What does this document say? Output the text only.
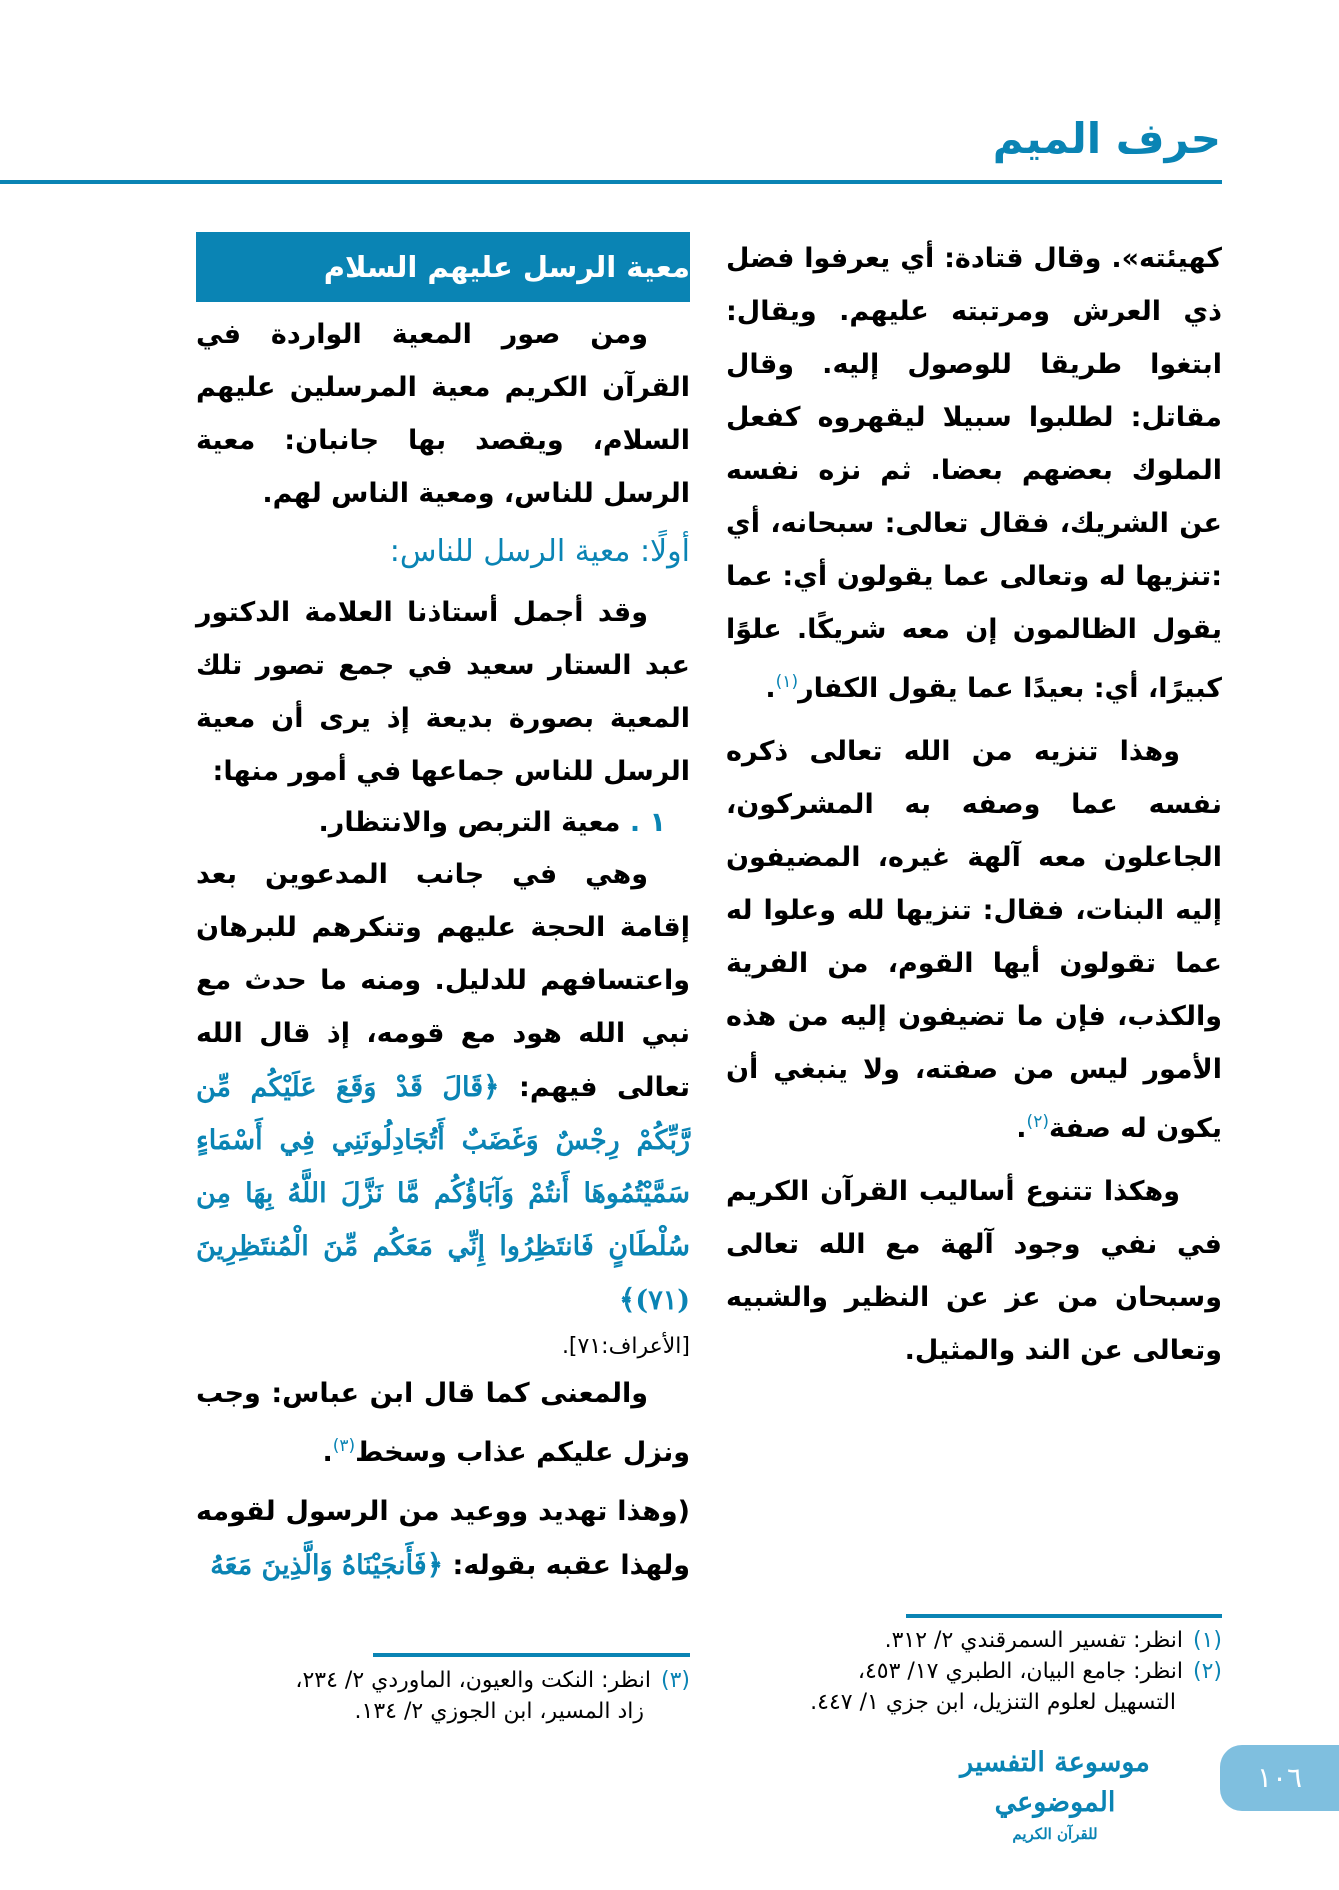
حرف الميم

كهيئته». وقال قتادة: أي يعرفوا فضل ذي العرش ومرتبته عليهم. ويقال: ابتغوا طريقا للوصول إليه. وقال مقاتل: لطلبوا سبيلا ليقهروه كفعل الملوك بعضهم بعضا. ثم نزه نفسه عن الشريك، فقال تعالى: سبحانه، أي :تنزيها له وتعالى عما يقولون أي: عما يقول الظالمون إن معه شريكًا. علوًا كبيرًا، أي: بعيدًا عما يقول الكفار$^{(١)}$.

وهذا تنزيه من الله تعالى ذكره نفسه عما وصفه به المشركون، الجاعلون معه آلهة غيره، المضيفون إليه البنات، فقال: تنزيها لله وعلوا له عما تقولون أيها القوم، من الفرية والكذب، فإن ما تضيفون إليه من هذه الأمور ليس من صفته، ولا ينبغي أن يكون له صفة$^{(٢)}$.

وهكذا تتنوع أساليب القرآن الكريم في نفي وجود آلهة مع الله تعالى وسبحان من عز عن النظير والشبيه وتعالى عن الند والمثيل.

معية الرسل عليهم السلام

ومن صور المعية الواردة في القرآن الكريم معية المرسلين عليهم السلام، ويقصد بها جانبان: معية الرسل للناس، ومعية الناس لهم.

أولًا: معية الرسل للناس:

وقد أجمل أستاذنا العلامة الدكتور عبد الستار سعيد في جمع تصور تلك المعية بصورة بديعة إذ يرى أن معية الرسل للناس جماعها في أمور منها:

١ . معية التربص والانتظار.

وهي في جانب المدعوين بعد إقامة الحجة عليهم وتنكرهم للبرهان واعتسافهم للدليل. ومنه ما حدث مع نبي الله هود مع قومه، إذ قال الله تعالى فيهم: ﴿قَالَ قَدْ وَقَعَ عَلَيْكُم مِّن رَّبِّكُمْ رِجْسٌ وَغَضَبٌ أَتُجَادِلُونَنِي فِي أَسْمَاءٍ سَمَّيْتُمُوهَا أَنتُمْ وَآبَاؤُكُم مَّا نَزَّلَ اللَّهُ بِهَا مِن سُلْطَانٍ فَانتَظِرُوا إِنِّي مَعَكُم مِّنَ الْمُنتَظِرِينَ (٧١)﴾

[الأعراف:٧١].

والمعنى كما قال ابن عباس: وجب ونزل عليكم عذاب وسخط$^{(٣)}$.

(وهذا تهديد ووعيد من الرسول لقومه ولهذا عقبه بقوله: ﴿فَأَنجَيْنَاهُ وَالَّذِينَ مَعَهُ

(١)انظر: تفسير السمرقندي ٢/ ٣١٢.
(٢)انظر: جامع البيان، الطبري ١٧/ ٤٥٣،
التسهيل لعلوم التنزيل، ابن جزي ١/ ٤٤٧.
(٣)انظر: النكت والعيون، الماوردي ٢/ ٢٣٤،
زاد المسير، ابن الجوزي ٢/ ١٣٤.
موسوعة التفسير الموضوعي
للقرآن الكريم
١٠٦
